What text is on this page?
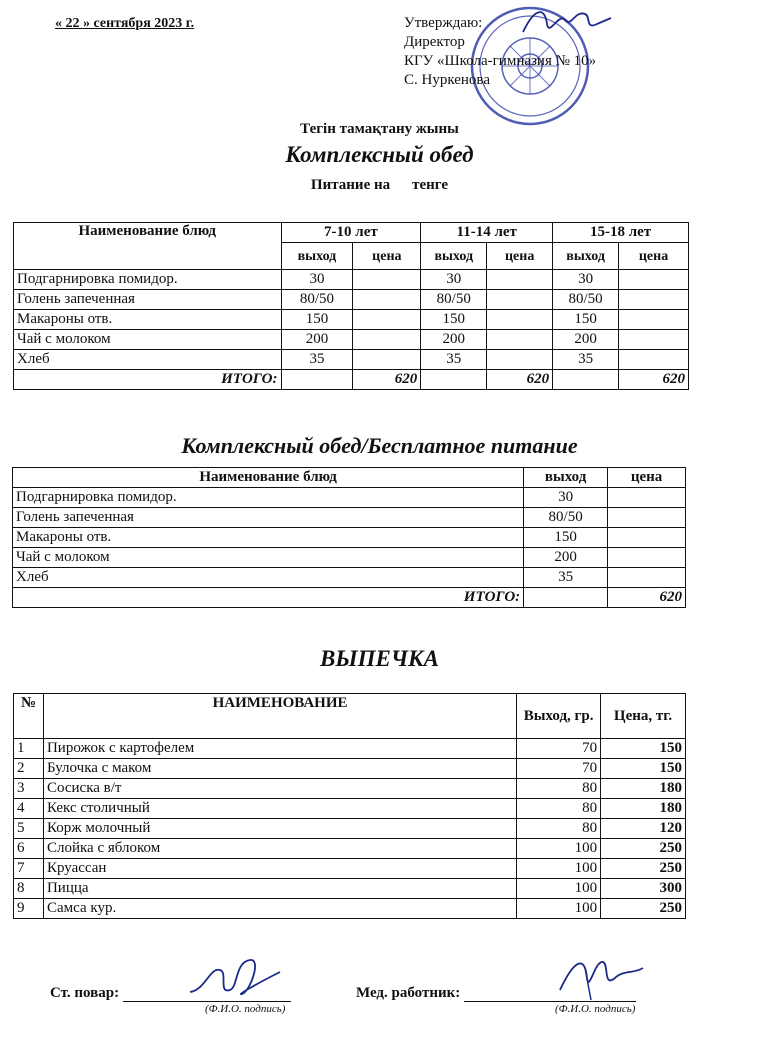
« 22 » сентября 2023 г.	Утверждаю:
Директор
КГУ «Школа-гимназия № 10»
С. Нуркенова
Тегін тамақтану жыны
Комплексный обед
Питание на тенге
Наименование блюд	7-10 лет		11-14 лет		15-18 лет	
	выход	цена	выход	цена	выход	цена
Подгарнировка помидор.	30		30		30	
Голень запеченная	80/50		80/50		80/50	
Макароны отв.	150		150		150	
Чай с молоком	200		200		200	
Хлеб	35		35		35	
ИТОГО:		620		620		620
Комплексный обед/Бесплатное питание
Наименование блюд	выход	цена
Подгарнировка помидор.	30	
Голень запеченная	80/50	
Макароны отв.	150	
Чай с молоком	200	
Хлеб	35	
ИТОГО:		620
ВЫПЕЧКА
№	НАИМЕНОВАНИЕ	Выход, гр.	Цена, тг.
1	Пирожок с картофелем	70	150
2	Булочка с маком	70	150
3	Сосиска в/т	80	180
4	Кекс столичный	80	180
5	Корж молочный	80	120
6	Слойка с яблоком	100	250
7	Круассан	100	250
8	Пицца	100	300
9	Самса кур.	100	250
Ст. повар:
(Ф.И.О. подпись)
Мед. работник:
(Ф.И.О. подпись)
